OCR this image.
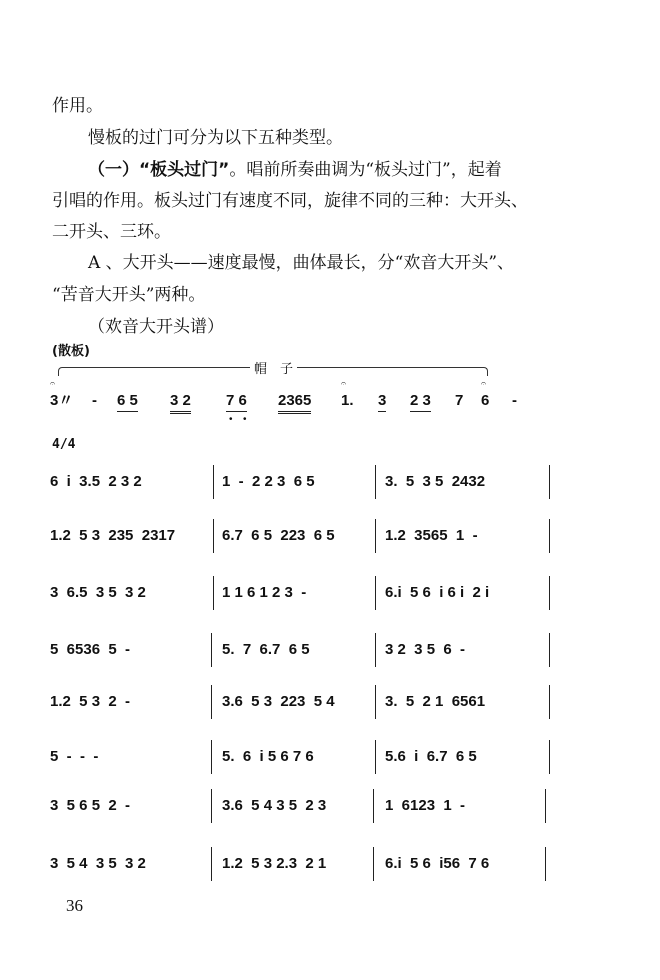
作用。
慢板的过门可分为以下五种类型。
（一）“板头过门”。唱前所奏曲调为“板头过门”，起着
引唱的作用。板头过门有速度不同，旋律不同的三种：大开头、
二开头、三环。
A 、大开头——速度最慢，曲体最长，分“欢音大开头”、
“苦音大开头”两种。
（欢音大开头谱）
(散板)
帽　子
𝄐
3〃 - 6 5 3 2 7 6
• •
2365
𝄐
1. 3 2 3 7
𝄐
6 -
4/4
6  i  3.5  2 3 2	1  -  2 2 3  6 5	3.  5  3 5  2432
1.2  5 3  235  2317	6.7  6 5  223  6 5	1.2  3565  1  -
3  6.5  3 5  3 2	1 1 6 1 2 3  -	6.i  5 6  i 6 i  2 i
5  6536  5  -	5.  7  6.7  6 5	3 2  3 5  6  -
1.2  5 3  2  -	3.6  5 3  223  5 4	3.  5  2 1  6561
5  -  -  -	5.  6  i 5 6 7 6	5.6  i  6.7  6 5
3  5 6 5  2  -	3.6  5 4 3 5  2 3	1  6123  1  -
3  5 4  3 5  3 2	1.2  5 3 2.3  2 1	6.i  5 6  i56  7 6
36
